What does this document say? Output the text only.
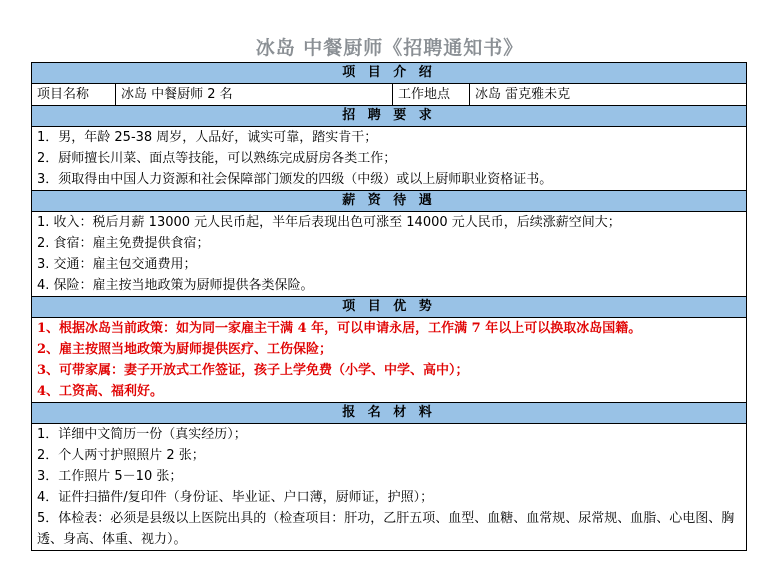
冰岛 中餐厨师《招聘通知书》
项 目 介 绍
项目名称	冰岛 中餐厨师 2 名	工作地点	冰岛 雷克雅未克
招 聘 要 求

1．男，年龄 25-38 周岁，人品好，诚实可靠，踏实肯干；
2．厨师擅长川菜、面点等技能，可以熟练完成厨房各类工作；
3．须取得由中国人力资源和社会保障部门颁发的四级（中级）或以上厨师职业资格证书。

薪 资 待 遇

1. 收入：税后月薪 13000 元人民币起，半年后表现出色可涨至 14000 元人民币，后续涨薪空间大；
2. 食宿：雇主免费提供食宿；
3. 交通：雇主包交通费用；
4. 保险：雇主按当地政策为厨师提供各类保险。

项 目 优 势

1、根据冰岛当前政策：如为同一家雇主干满 4 年，可以申请永居，工作满 7 年以上可以换取冰岛国籍。
2、雇主按照当地政策为厨师提供医疗、工伤保险；
3、可带家属：妻子开放式工作签证，孩子上学免费（小学、中学、高中）；
4、工资高、福利好。

报 名 材 料

1．详细中文简历一份（真实经历）；
2．个人两寸护照照片 2 张；
3．工作照片 5－10 张；
4．证件扫描件/复印件（身份证、毕业证、户口薄，厨师证，护照）；
5．体检表：必须是县级以上医院出具的（检查项目：肝功，乙肝五项、血型、血糖、血常规、尿常规、血脂、心电图、胸透、身高、体重、视力）。
